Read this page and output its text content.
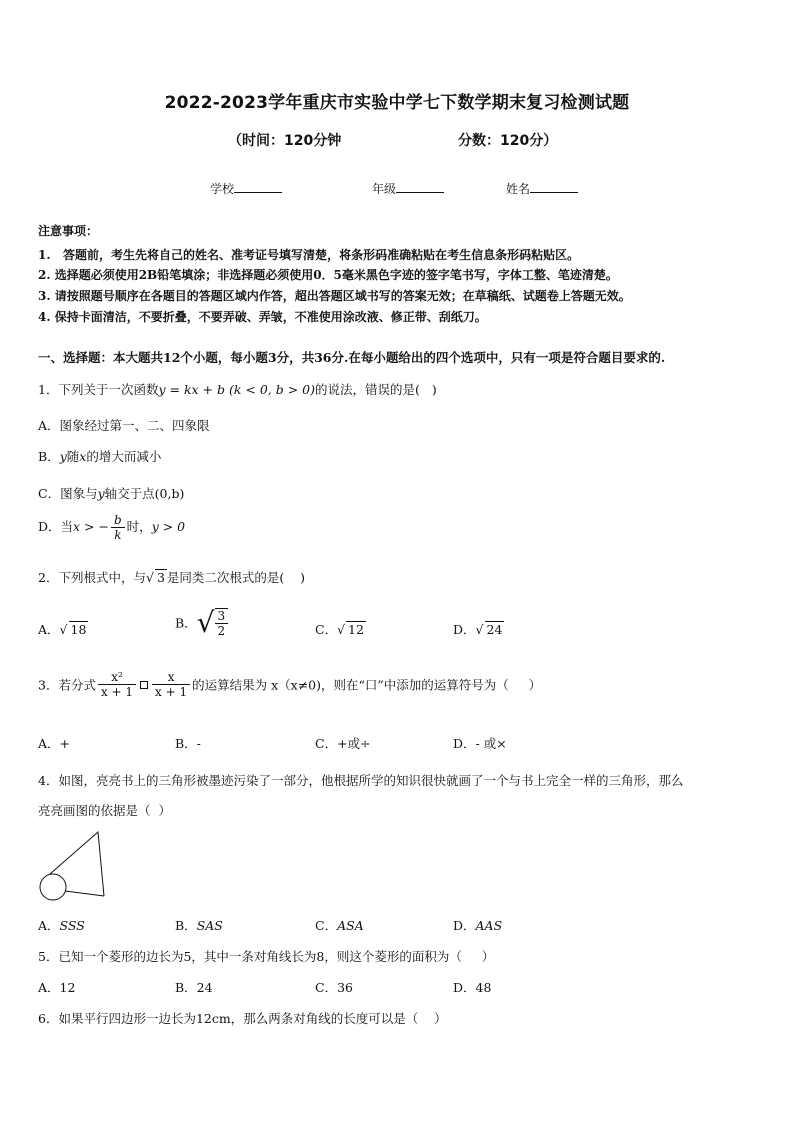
2022-2023学年重庆市实验中学七下数学期末复习检测试题
（时间：120分钟	分数：120分）
学校	年级	姓名
注意事项：
1.   答题前，考生先将自己的姓名、准考证号填写清楚，将条形码准确粘贴在考生信息条形码粘贴区。
2. 选择题必须使用2B铅笔填涂；非选择题必须使用0．5毫米黑色字迹的签字笔书写，字体工整、笔迹清楚。
3. 请按照题号顺序在各题目的答题区域内作答，超出答题区域书写的答案无效；在草稿纸、试题卷上答题无效。
4. 保持卡面清洁，不要折叠，不要弄破、弄皱，不准使用涂改液、修正带、刮纸刀。
一、选择题：本大题共12个小题，每小题3分，共36分.在每小题给出的四个选项中，只有一项是符合题目要求的.
1．下列关于一次函数y = kx + b (k < 0, b > 0)的说法，错误的是(   )
A．图象经过第一、二、四象限
B．y随x的增大而减小
C．图象与y轴交于点(0,b)
D．当x > − $\frac{b}{k}$ 时，y > 0
2．下列根式中，与√ 3 是同类二次根式的是(    )
A．√ 18	B．√ $\frac{3}{2}$	C．√ 12	D．√ 24
3．若分式 $\frac{\text{x²}}{x + 1} \frac{x}{x + 1}$ 的运算结果为 x（x≠0)，则在“口”中添加的运算符号为（     ）
A．+	B．-	C．+或÷	D．- 或×
4．如图，亮亮书上的三角形被墨迹污染了一部分，他根据所学的知识很快就画了一个与书上完全一样的三角形，那么
亮亮画图的依据是（  ）
A．SSS	B．SAS	C．ASA	D．AAS
5．已知一个菱形的边长为5，其中一条对角线长为8，则这个菱形的面积为（     ）
A．12	B．24	C．36	D．48
6．如果平行四边形一边长为12cm，那么两条对角线的长度可以是（    ）
